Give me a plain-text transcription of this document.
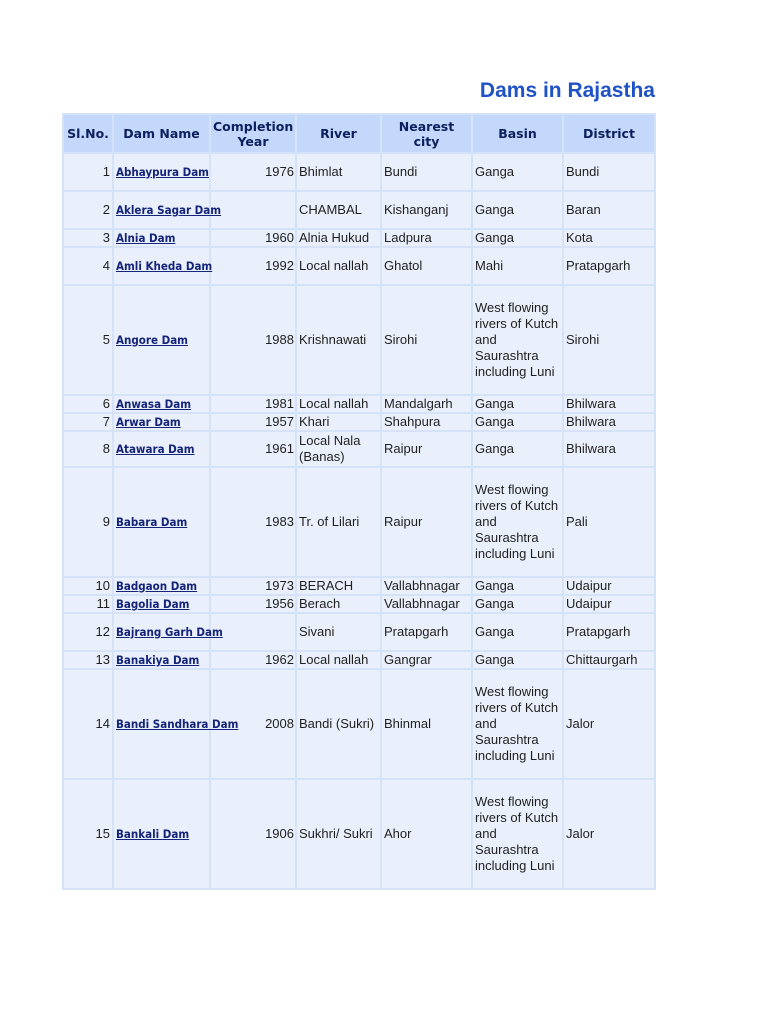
Dams in Rajastha
Sl.No.	Dam Name	Completion Year	River	Nearest city	Basin	District
1	Abhaypura Dam	1976	Bhimlat	Bundi	Ganga	Bundi
2	Aklera Sagar Dam		CHAMBAL	Kishanganj	Ganga	Baran
3	Alnia Dam	1960	Alnia Hukud	Ladpura	Ganga	Kota
4	Amli Kheda Dam	1992	Local nallah	Ghatol	Mahi	Pratapgarh
5	Angore Dam	1988	Krishnawati	Sirohi	West flowing rivers of Kutch and Saurashtra including Luni	Sirohi
6	Anwasa Dam	1981	Local nallah	Mandalgarh	Ganga	Bhilwara
7	Arwar Dam	1957	Khari	Shahpura	Ganga	Bhilwara
8	Atawara Dam	1961	Local Nala (Banas)	Raipur	Ganga	Bhilwara
9	Babara Dam	1983	Tr. of Lilari	Raipur	West flowing rivers of Kutch and Saurashtra including Luni	Pali
10	Badgaon Dam	1973	BERACH	Vallabhnagar	Ganga	Udaipur
11	Bagolia Dam	1956	Berach	Vallabhnagar	Ganga	Udaipur
12	Bajrang Garh Dam		Sivani	Pratapgarh	Ganga	Pratapgarh
13	Banakiya Dam	1962	Local nallah	Gangrar	Ganga	Chittaurgarh
14	Bandi Sandhara Dam	2008	Bandi (Sukri)	Bhinmal	West flowing rivers of Kutch and Saurashtra including Luni	Jalor
15	Bankali Dam	1906	Sukhri/ Sukri	Ahor	West flowing rivers of Kutch and Saurashtra including Luni	Jalor
